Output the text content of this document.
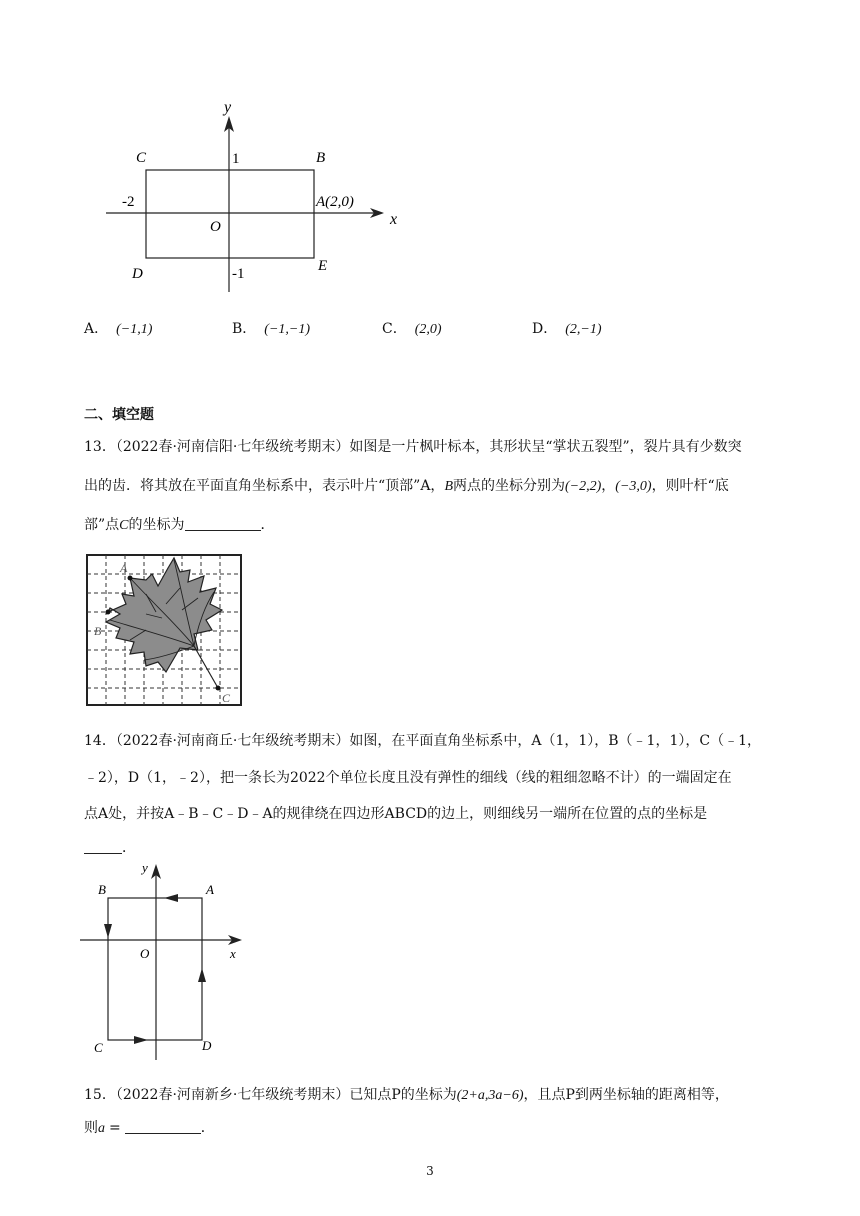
y
x
C	B
1
-2	A(2,0)
O
D	E
-1
A． (−1,1)	B． (−1,−1)	C． (2,0)	D． (2,−1)
二、填空题
13．（2022春·河南信阳·七年级统考期末）如图是一片枫叶标本，其形状呈“掌状五裂型”，裂片具有少数突
出的齿．将其放在平面直角坐标系中，表示叶片“顶部”A，B两点的坐标分别为(−2,2)，(−3,0)，则叶杆“底
部”点C的坐标为	．
A
B
C
14．（2022春·河南商丘·七年级统考期末）如图，在平面直角坐标系中，A（1，1），B（﹣1，1），C（﹣1，
﹣2），D（1，﹣2），把一条长为2022个单位长度且没有弹性的细线（线的粗细忽略不计）的一端固定在
点A处，并按A﹣B﹣C﹣D﹣A的规律绕在四边形ABCD的边上，则细线另一端所在位置的点的坐标是
．
y
x
O
A
B
C	D
15．（2022春·河南新乡·七年级统考期末）已知点P的坐标为(2+a,3a−6)，且点P到两坐标轴的距离相等，
则a =	．
3
